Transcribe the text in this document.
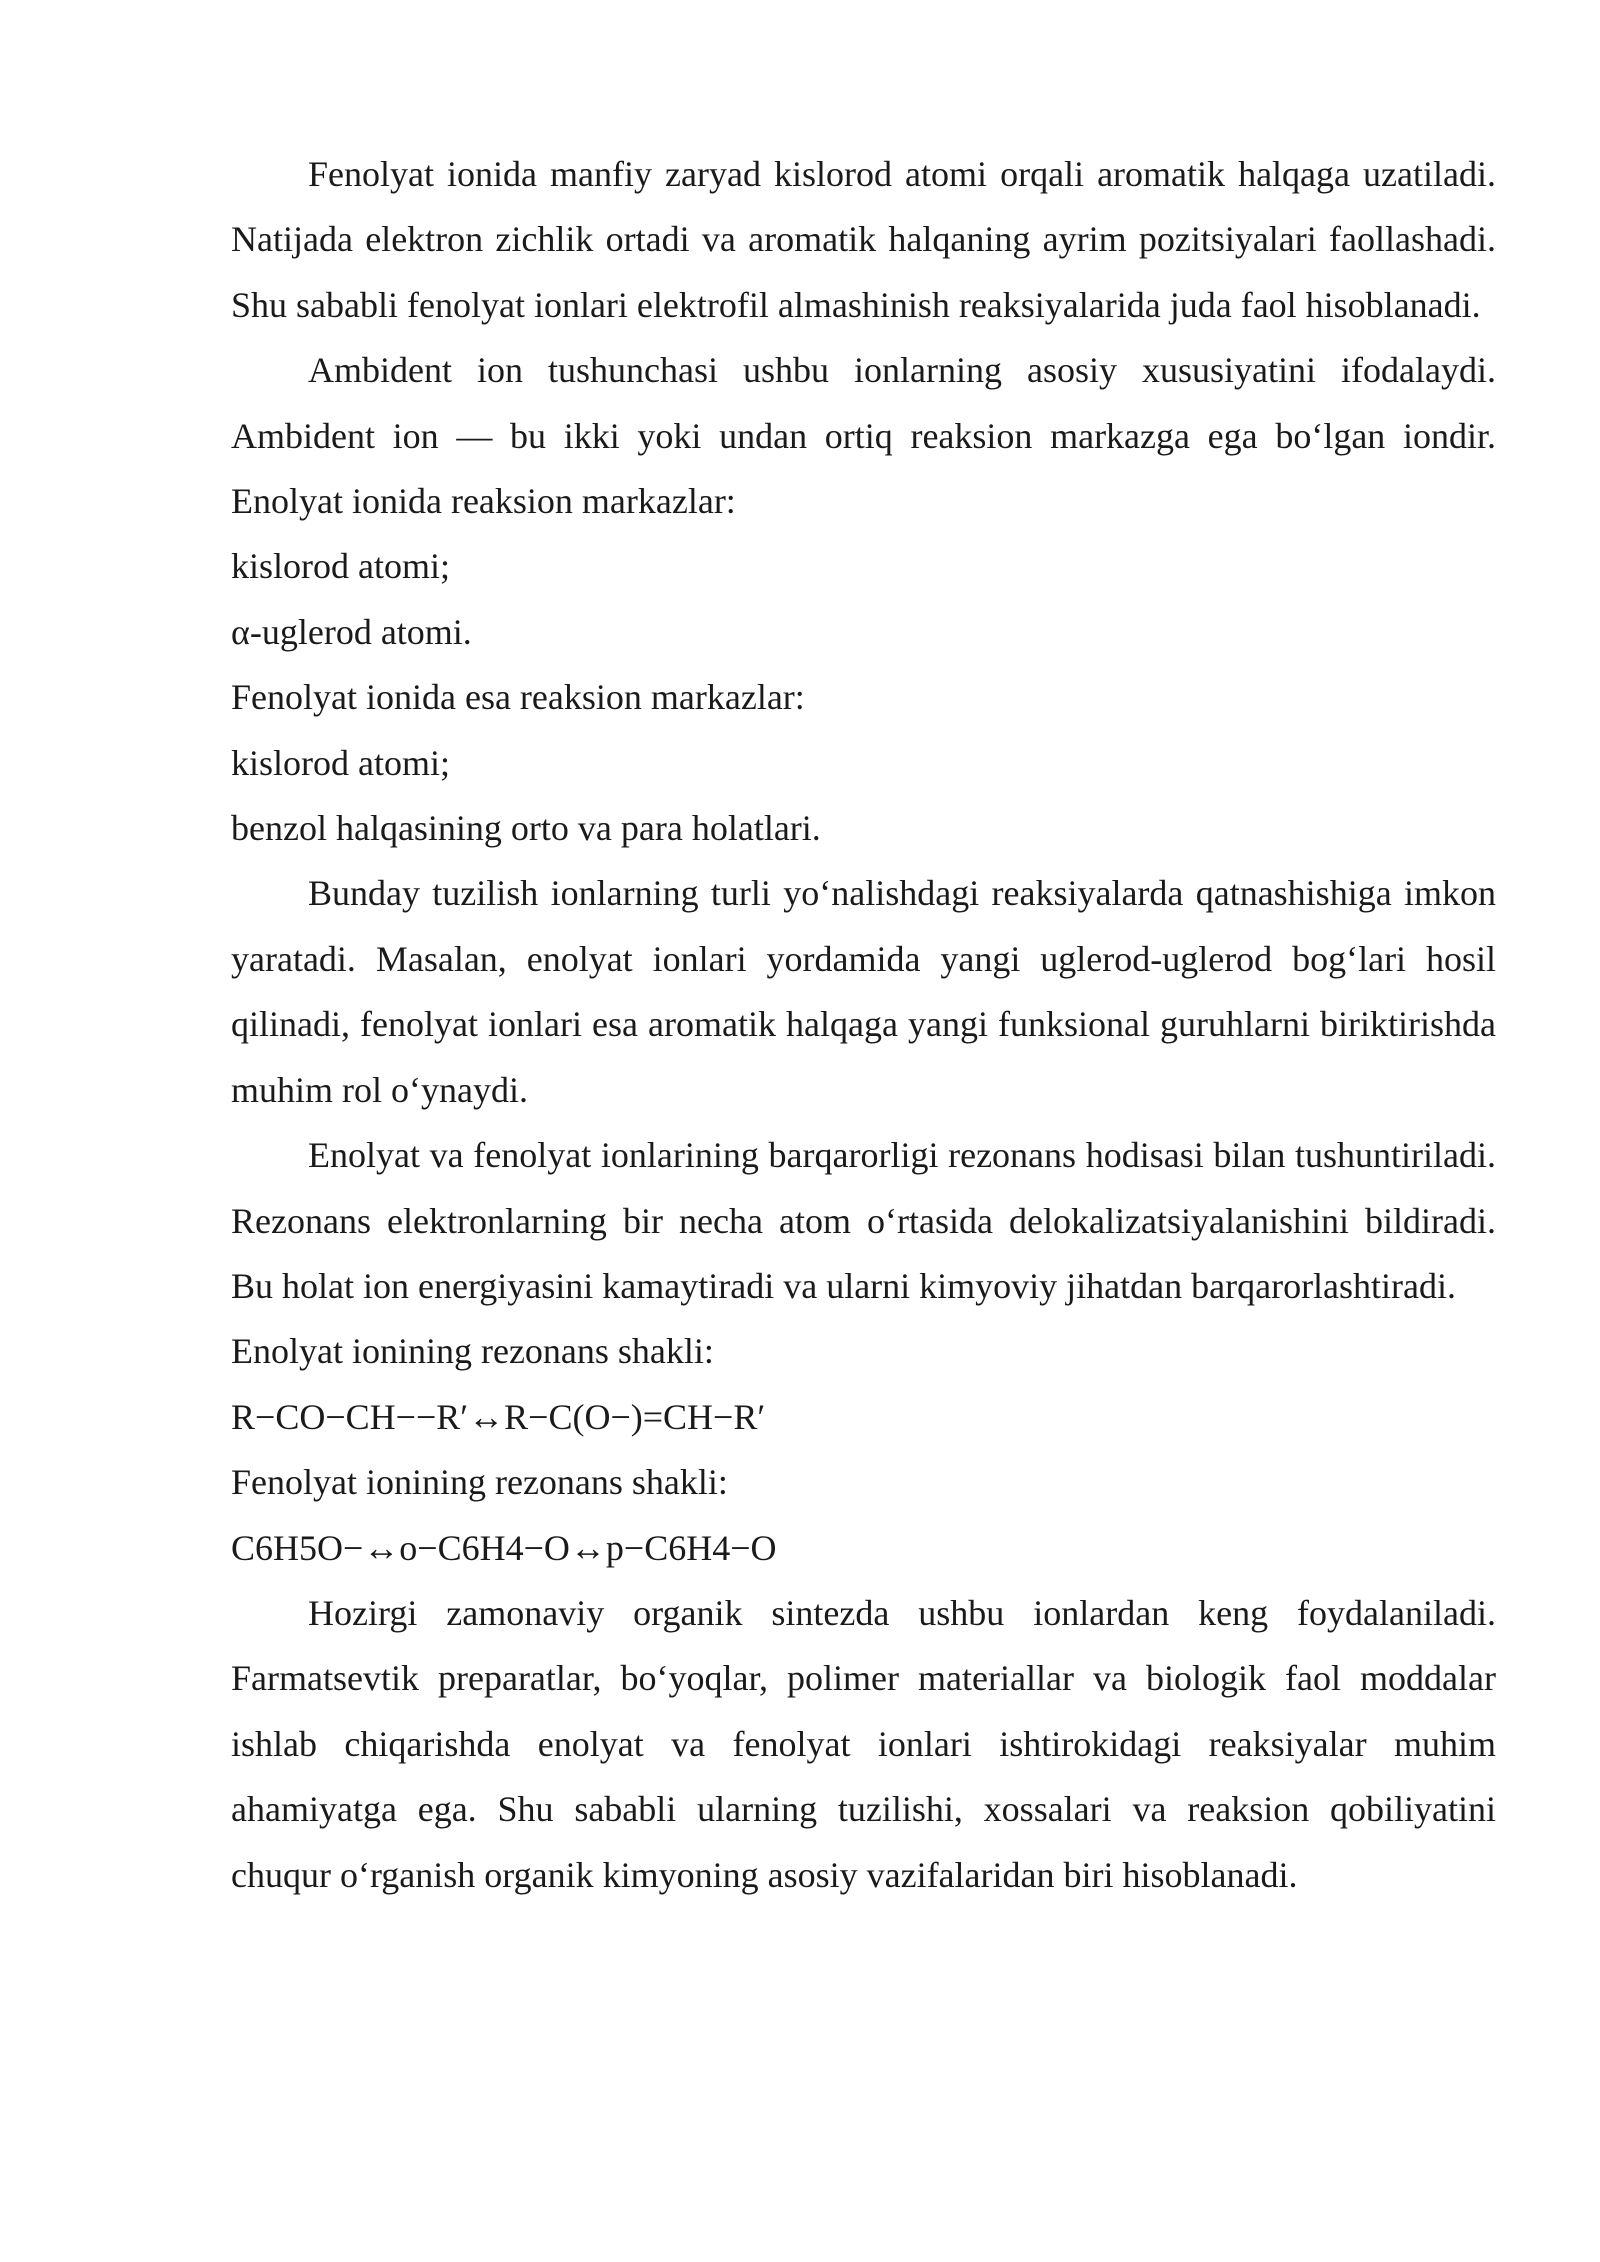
Fenolyat ionida manfiy zaryad kislorod atomi orqali aromatik halqaga uzatiladi. Natijada elektron zichlik ortadi va aromatik halqaning ayrim pozitsiyalari faollashadi. Shu sababli fenolyat ionlari elektrofil almashinish reaksiyalarida juda faol hisoblanadi.

Ambident ion tushunchasi ushbu ionlarning asosiy xususiyatini ifodalaydi. Ambident ion — bu ikki yoki undan ortiq reaksion markazga ega bo‘lgan iondir. Enolyat ionida reaksion markazlar:

kislorod atomi;

α-uglerod atomi.

Fenolyat ionida esa reaksion markazlar:

kislorod atomi;

benzol halqasining orto va para holatlari.

Bunday tuzilish ionlarning turli yo‘nalishdagi reaksiyalarda qatnashishiga imkon yaratadi. Masalan, enolyat ionlari yordamida yangi uglerod-uglerod bog‘lari hosil qilinadi, fenolyat ionlari esa aromatik halqaga yangi funksional guruhlarni biriktirishda muhim rol o‘ynaydi.

Enolyat va fenolyat ionlarining barqarorligi rezonans hodisasi bilan tushuntiriladi. Rezonans elektronlarning bir necha atom o‘rtasida delokalizatsiyalanishini bildiradi. Bu holat ion energiyasini kamaytiradi va ularni kimyoviy jihatdan barqarorlashtiradi.

Enolyat ionining rezonans shakli:

R−CO−CH−−R′↔R−C(O−)=CH−R′

Fenolyat ionining rezonans shakli:

C6H5O−↔o−C6H4−O↔p−C6H4−O

Hozirgi zamonaviy organik sintezda ushbu ionlardan keng foydalaniladi. Farmatsevtik preparatlar, bo‘yoqlar, polimer materiallar va biologik faol moddalar ishlab chiqarishda enolyat va fenolyat ionlari ishtirokidagi reaksiyalar muhim ahamiyatga ega. Shu sababli ularning tuzilishi, xossalari va reaksion qobiliyatini chuqur o‘rganish organik kimyoning asosiy vazifalaridan biri hisoblanadi.
